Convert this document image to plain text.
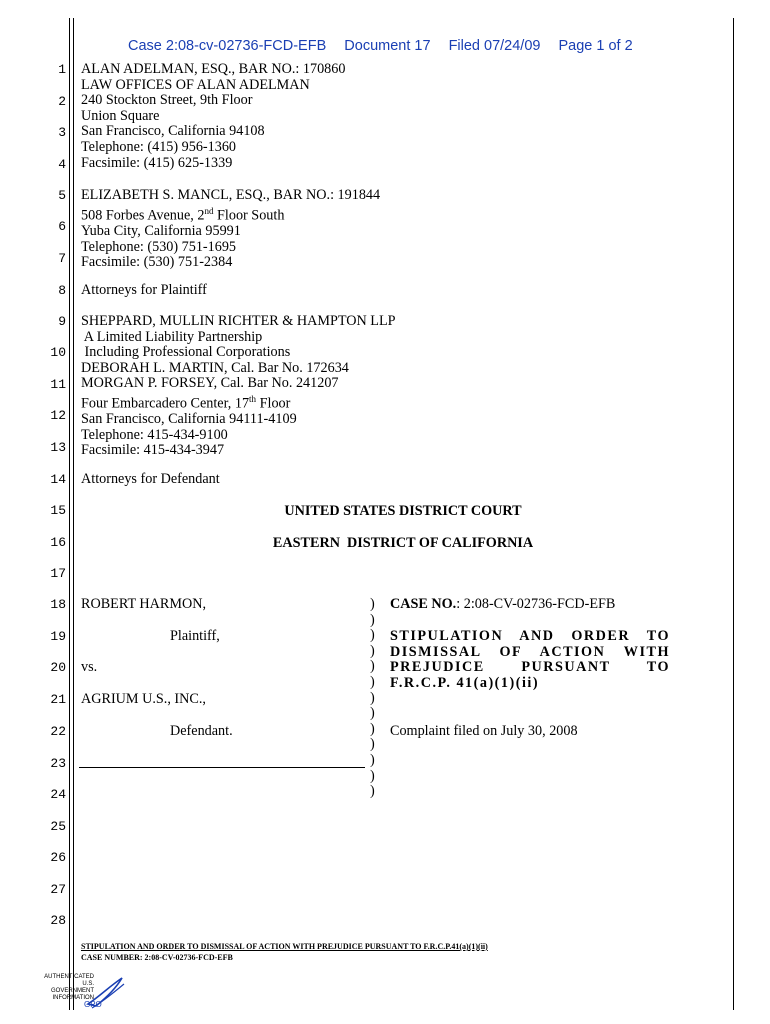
Case 2:08-cv-02736-FCD-EFB Document 17 Filed 07/24/09 Page 1 of 2
1
2
3
4
5
6
7
8
9
10
11
12
13
14
15
16
17
18
19
20
21
22
23
24
25
26
27
28
ALAN ADELMAN, ESQ., BAR NO.: 170860
LAW OFFICES OF ALAN ADELMAN
240 Stockton Street, 9th Floor
Union Square
San Francisco, California 94108
Telephone: (415) 956-1360
Facsimile: (415) 625-1339
ELIZABETH S. MANCL, ESQ., BAR NO.: 191844
508 Forbes Avenue, 2nd Floor South
Yuba City, California 95991
Telephone: (530) 751-1695
Facsimile: (530) 751-2384
Attorneys for Plaintiff
SHEPPARD, MULLIN RICHTER & HAMPTON LLP
A Limited Liability Partnership
Including Professional Corporations
DEBORAH L. MARTIN, Cal. Bar No. 172634
MORGAN P. FORSEY, Cal. Bar No. 241207
Four Embarcadero Center, 17th Floor
San Francisco, California 94111-4109
Telephone: 415-434-9100
Facsimile: 415-434-3947
Attorneys for Defendant
UNITED STATES DISTRICT COURT
EASTERN  DISTRICT OF CALIFORNIA
ROBERT HARMON,
Plaintiff,
vs.
AGRIUM U.S., INC.,
Defendant.
)
)
)
)
)
)
)
)
)
)
)
)
)
CASE NO.: 2:08-CV-02736-FCD-EFB
STIPULATION AND ORDER TO DISMISSAL OF ACTION WITH PREJUDICE PURSUANT TO F.R.C.P. 41(a)(1)(ii)
Complaint filed on July 30, 2008
STIPULATION AND ORDER TO DISMISSAL OF ACTION WITH PREJUDICE PURSUANT TO F.R.C.P.41(a)(1)(ii)
CASE NUMBER: 2:08-CV-02736-FCD-EFB
AUTHENTICATED
U.S. GOVERNMENT
INFORMATION
GPO
